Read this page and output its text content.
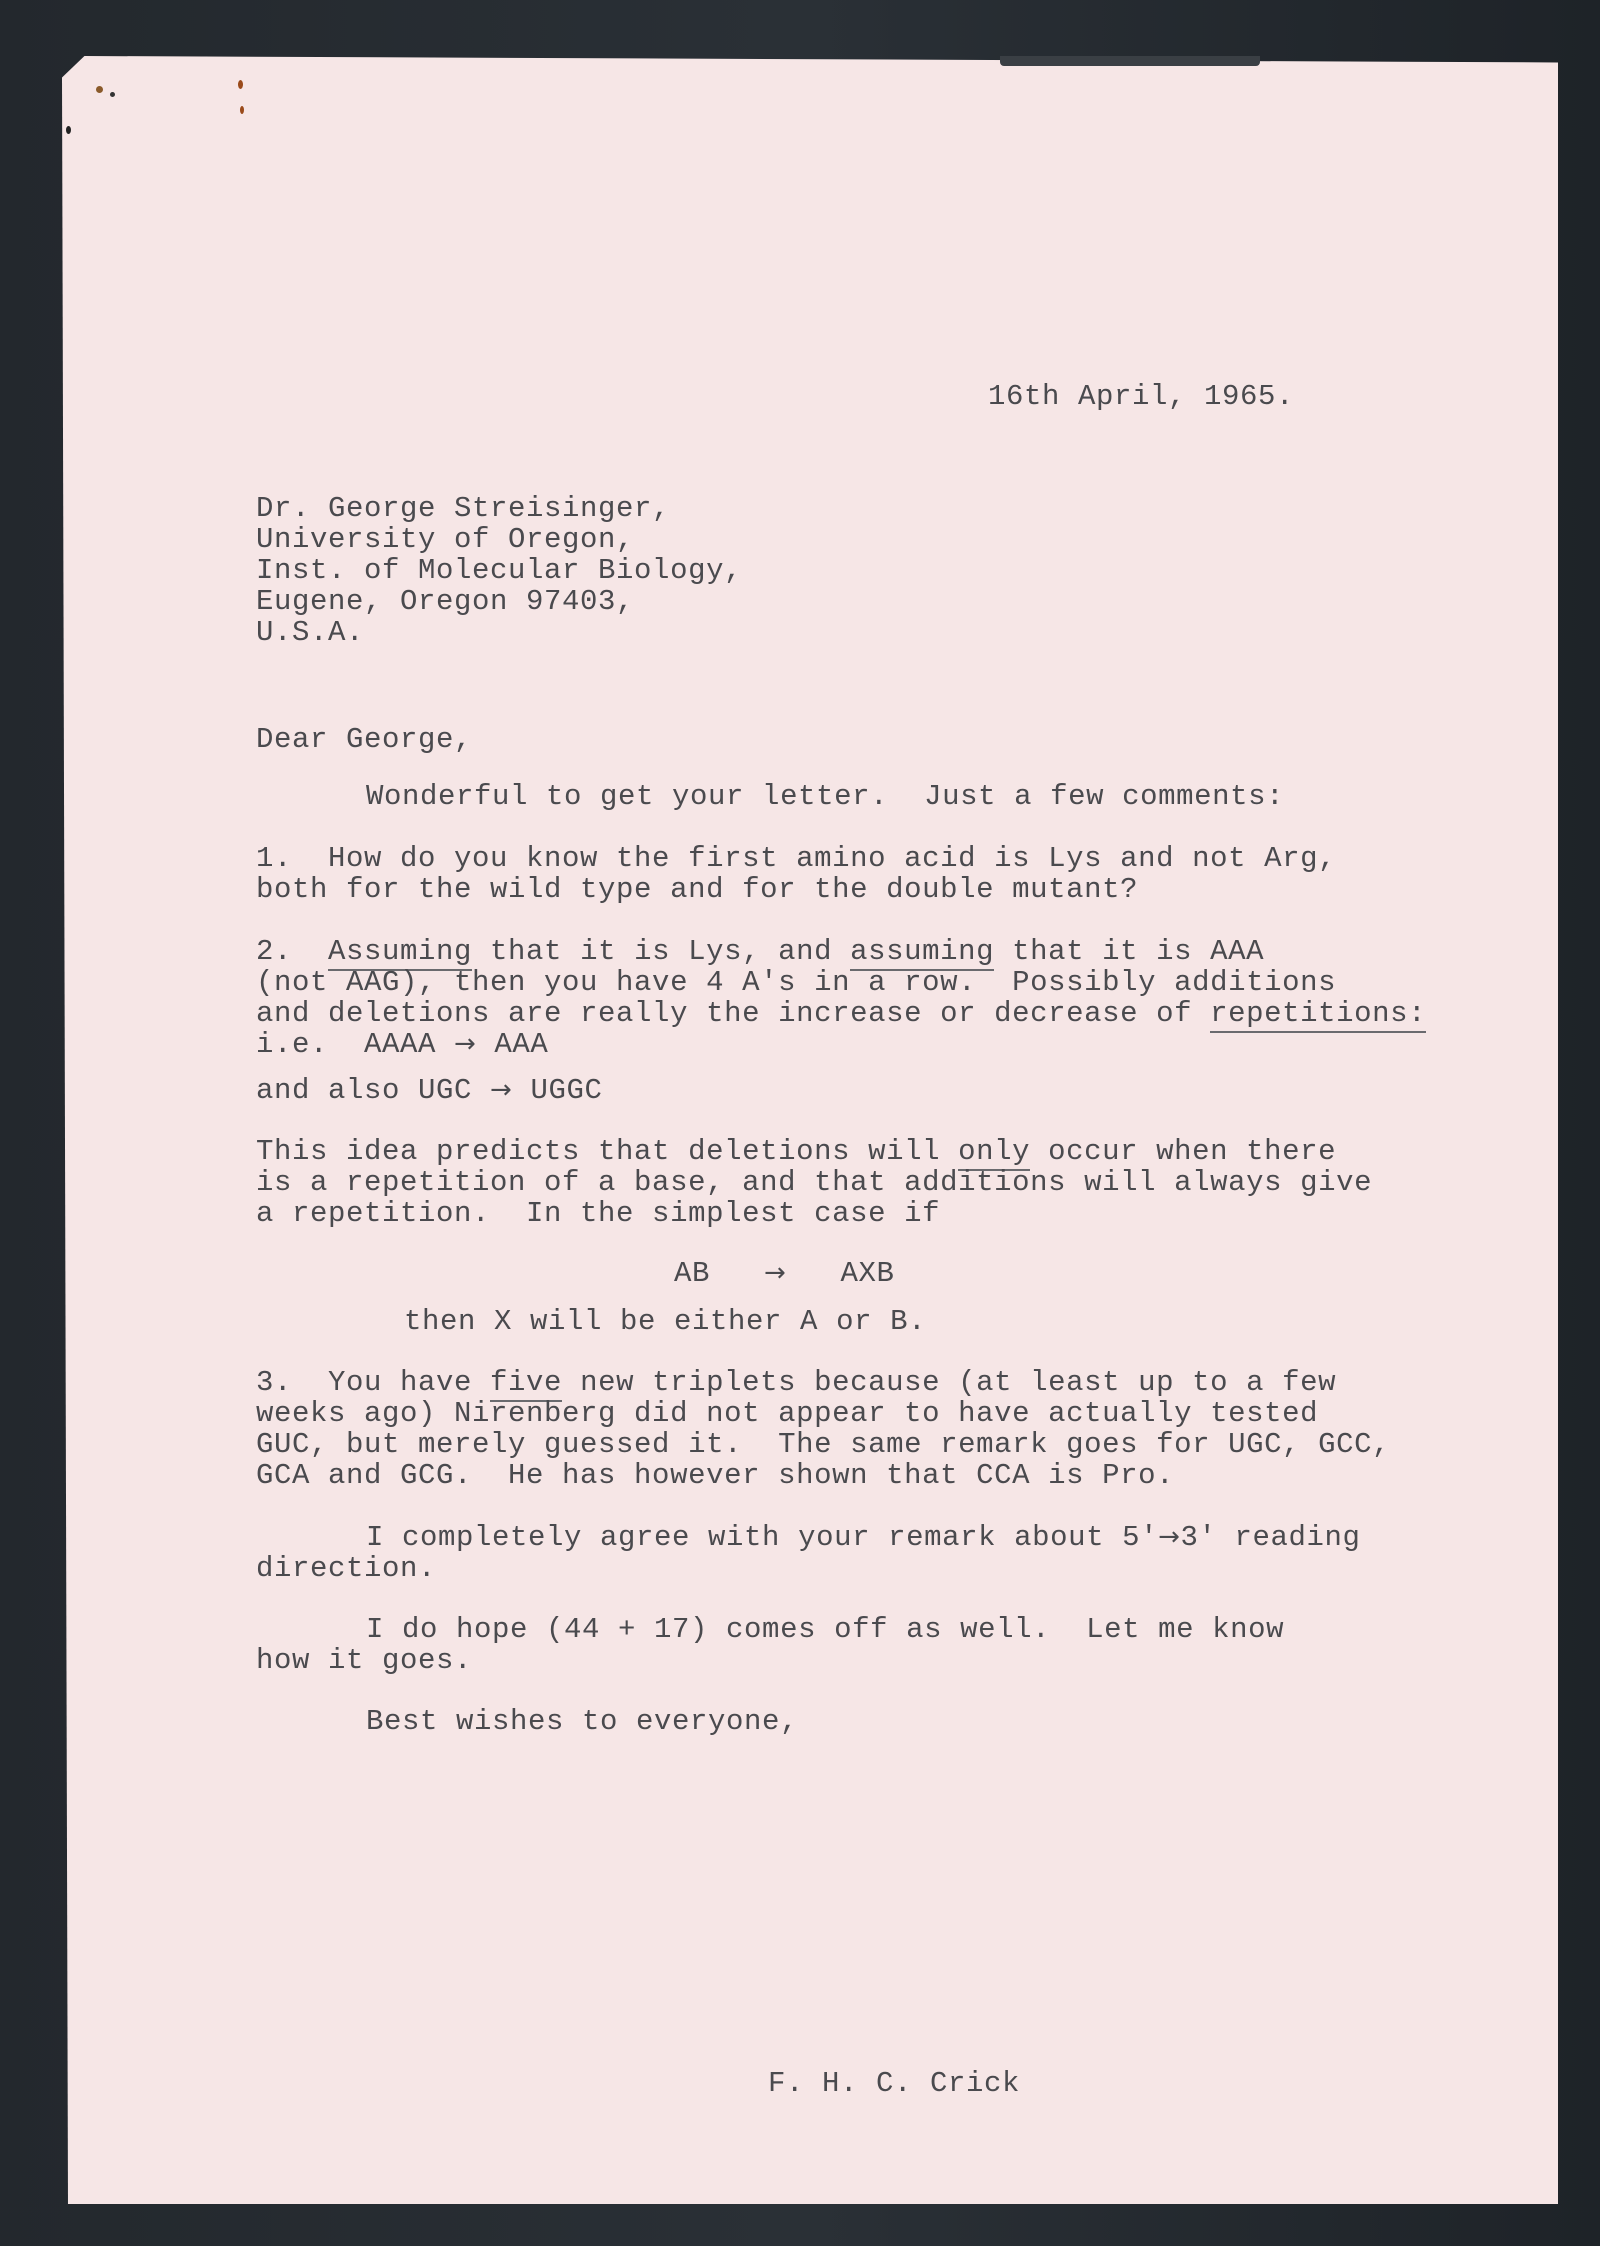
16th April, 1965.
Dr. George Streisinger,
University of Oregon,
Inst. of Molecular Biology,
Eugene, Oregon 97403,
U.S.A.
Dear George,
Wonderful to get your letter.  Just a few comments:
1.  How do you know the first amino acid is Lys and not Arg,
both for the wild type and for the double mutant?
2.  Assuming that it is Lys, and assuming that it is AAA
(not AAG), then you have 4 A's in a row.  Possibly additions
and deletions are really the increase or decrease of repetitions:
i.e.  AAAA → AAA
and also UGC → UGGC
This idea predicts that deletions will only occur when there
is a repetition of a base, and that additions will always give
a repetition.  In the simplest case if
AB → AXB
then X will be either A or B.
3.  You have five new triplets because (at least up to a few
weeks ago) Nirenberg did not appear to have actually tested
GUC, but merely guessed it.  The same remark goes for UGC, GCC,
GCA and GCG.  He has however shown that CCA is Pro.
I completely agree with your remark about 5'→3' reading
direction.
I do hope (44 + 17) comes off as well.  Let me know
how it goes.
Best wishes to everyone,
F. H. C. Crick
